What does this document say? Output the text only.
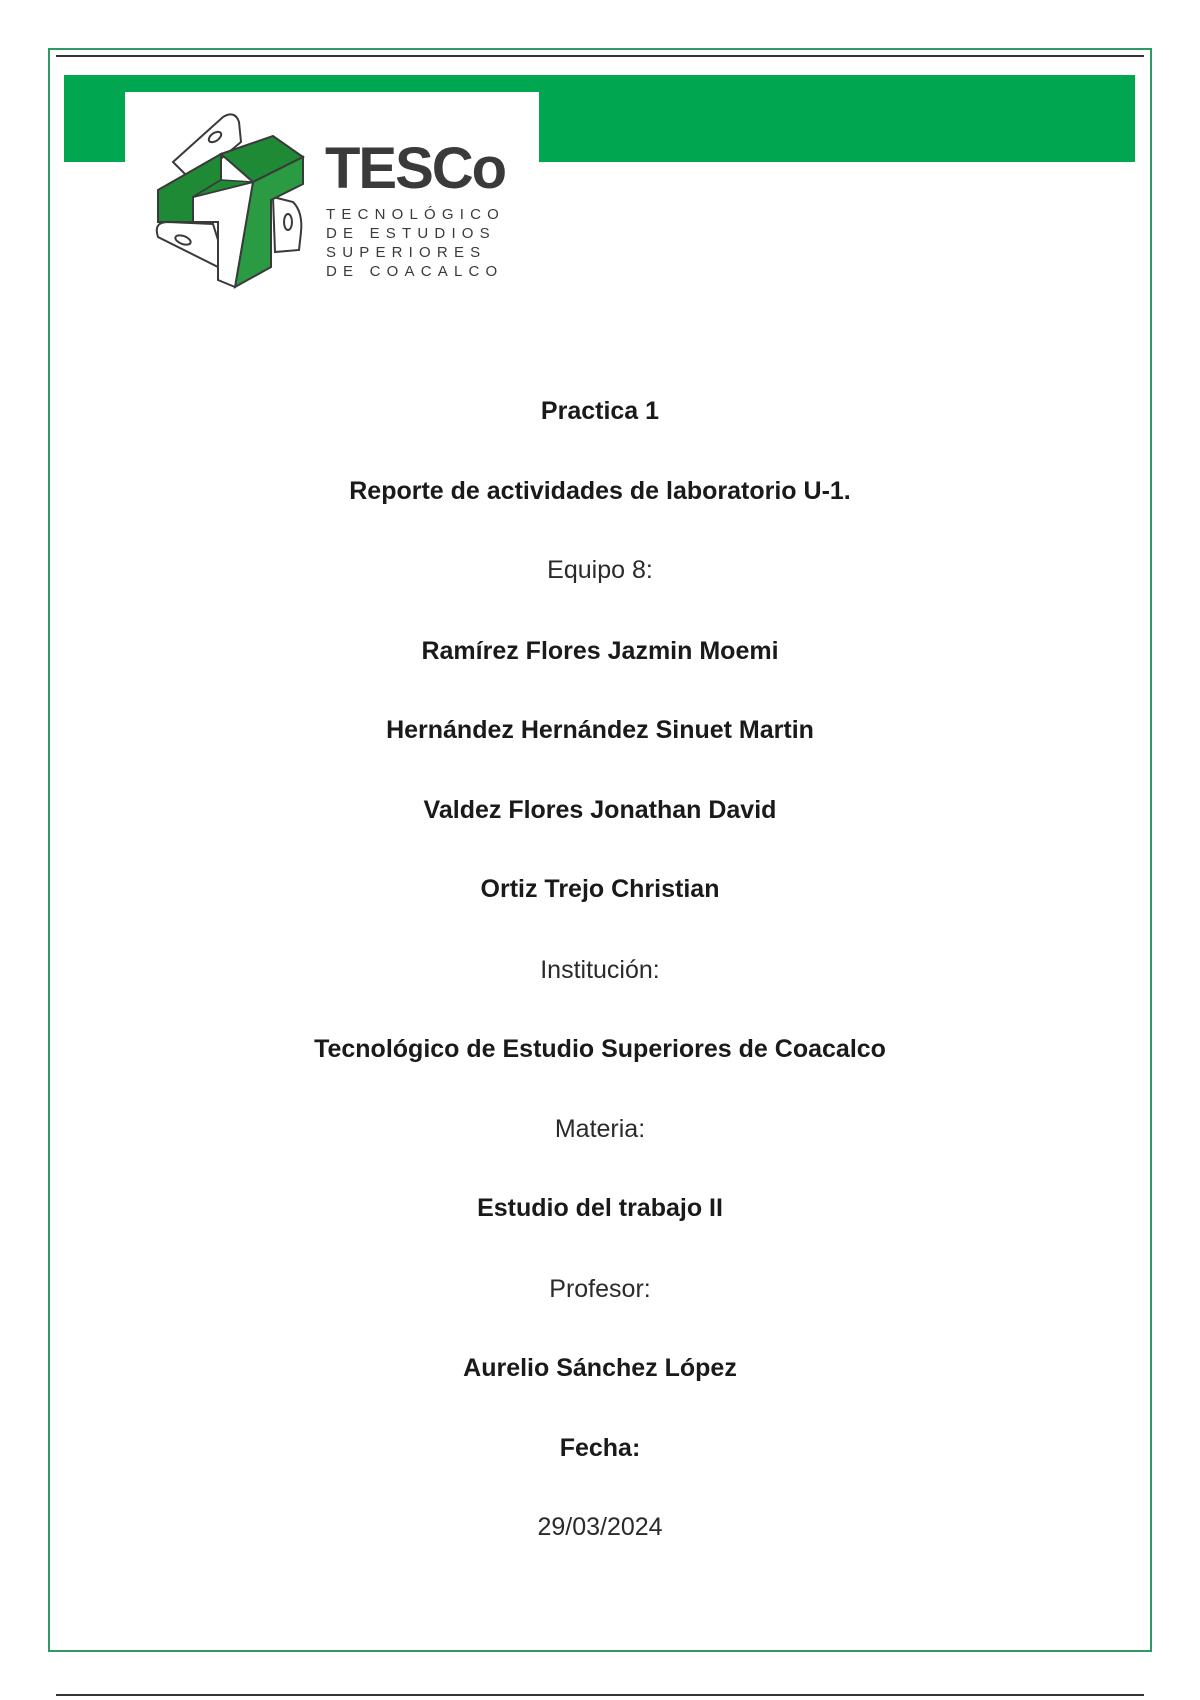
TESCo
TECNOLÓGICO
DE ESTUDIOS
SUPERIORES
DE COACALCO
Practica 1
Reporte de actividades de laboratorio U-1.
Equipo 8:
Ramírez Flores Jazmin Moemi
Hernández Hernández Sinuet Martin
Valdez Flores Jonathan David
Ortiz Trejo Christian
Institución:
Tecnológico de Estudio Superiores de Coacalco
Materia:
Estudio del trabajo II
Profesor:
Aurelio Sánchez López
Fecha:
29/03/2024
